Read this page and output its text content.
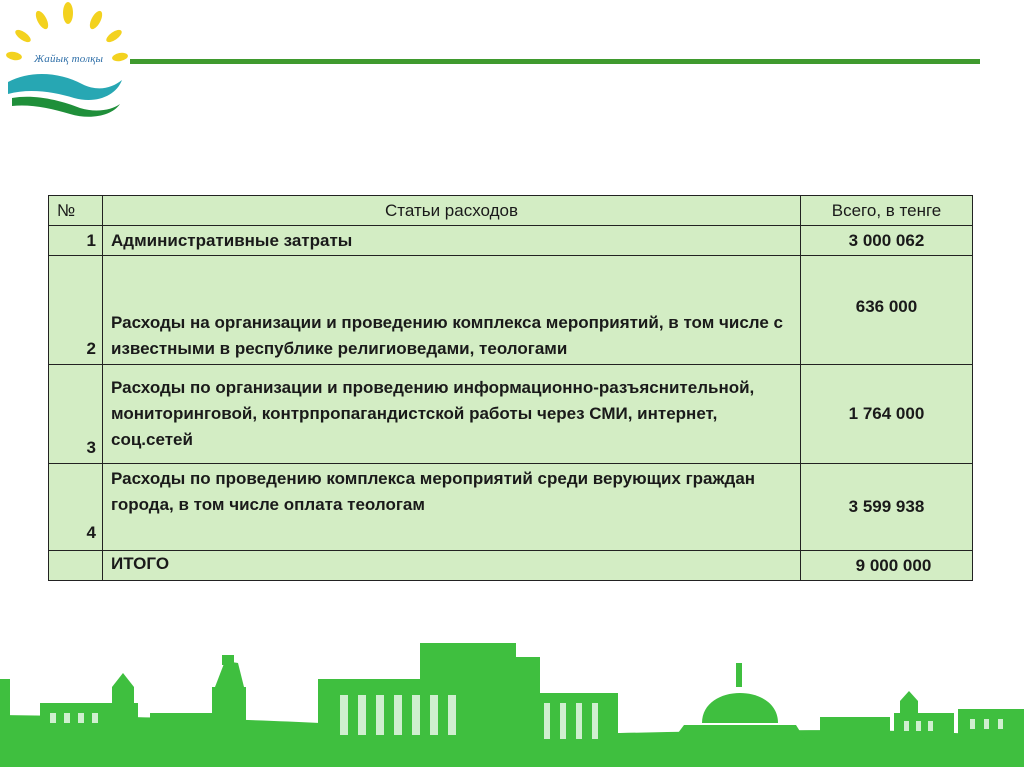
Жайық толқы
№	Статьи расходов	Всего, в тенге
1	Административные затраты	3 000 062
2	Расходы на организации и проведению комплекса мероприятий, в том числе с известными в республике религиоведами, теологами	636 000
3	Расходы по организации и проведению информационно-разъяснительной, мониторинговой, контрпропагандистской работы через СМИ, интернет, соц.сетей	1 764 000
4	Расходы по проведению комплекса мероприятий среди верующих граждан города, в том числе оплата теологам	3 599 938
	ИТОГО	9 000 000
